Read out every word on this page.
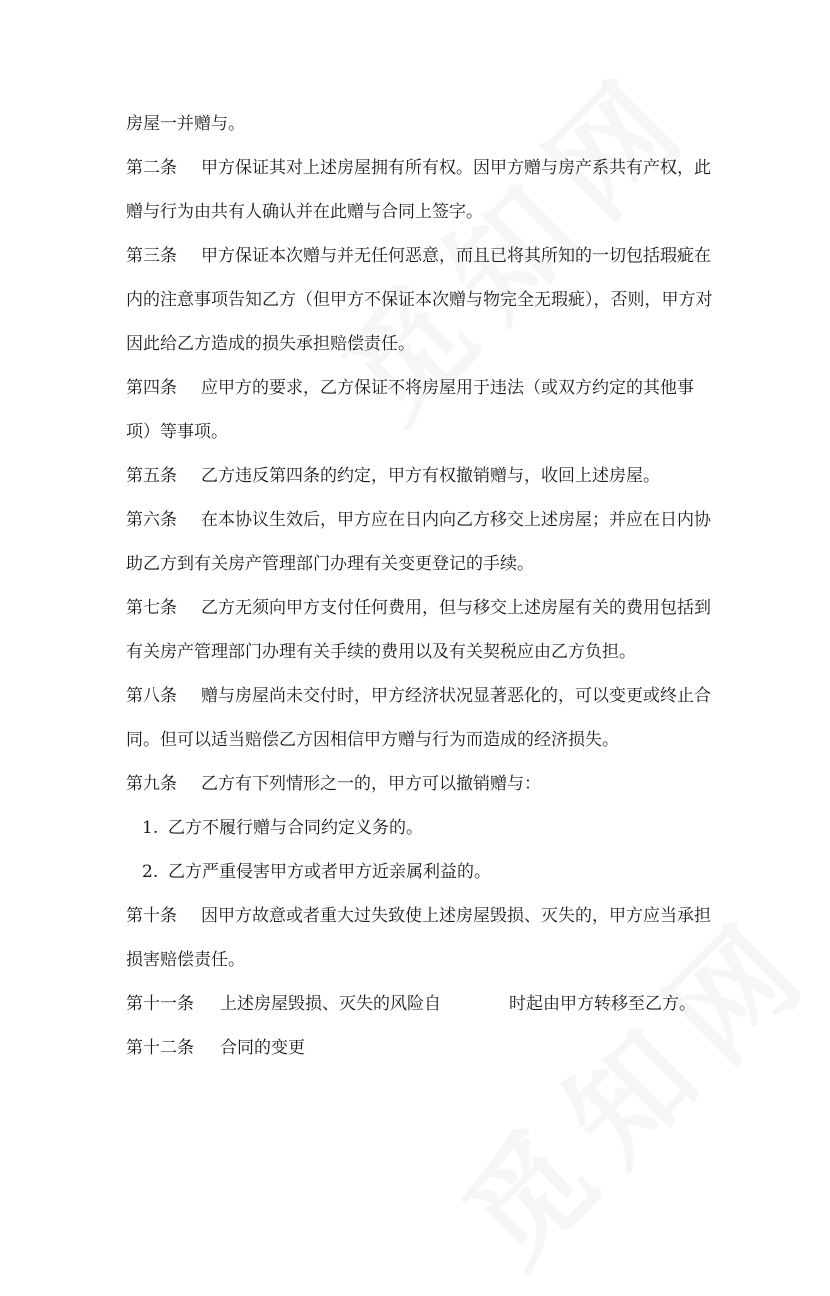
房屋一并赠与。
第二条 甲方保证其对上述房屋拥有所有权。因甲方赠与房产系共有产权，此
赠与行为由共有人确认并在此赠与合同上签字。
第三条 甲方保证本次赠与并无任何恶意，而且已将其所知的一切包括瑕疵在
内的注意事项告知乙方（但甲方不保证本次赠与物完全无瑕疵），否则，甲方对
因此给乙方造成的损失承担赔偿责任。
第四条 应甲方的要求，乙方保证不将房屋用于违法（或双方约定的其他事
项）等事项。
第五条 乙方违反第四条的约定，甲方有权撤销赠与，收回上述房屋。
第六条 在本协议生效后，甲方应在日内向乙方移交上述房屋；并应在日内协
助乙方到有关房产管理部门办理有关变更登记的手续。
第七条 乙方无须向甲方支付任何费用，但与移交上述房屋有关的费用包括到
有关房产管理部门办理有关手续的费用以及有关契税应由乙方负担。
第八条 赠与房屋尚未交付时，甲方经济状况显著恶化的，可以变更或终止合
同。但可以适当赔偿乙方因相信甲方赠与行为而造成的经济损失。
第九条 乙方有下列情形之一的，甲方可以撤销赠与：
1. 乙方不履行赠与合同约定义务的。
2. 乙方严重侵害甲方或者甲方近亲属利益的。
第十条 因甲方故意或者重大过失致使上述房屋毁损、灭失的，甲方应当承担
损害赔偿责任。
第十一条 上述房屋毁损、灭失的风险自	时起由甲方转移至乙方。
第十二条 合同的变更
